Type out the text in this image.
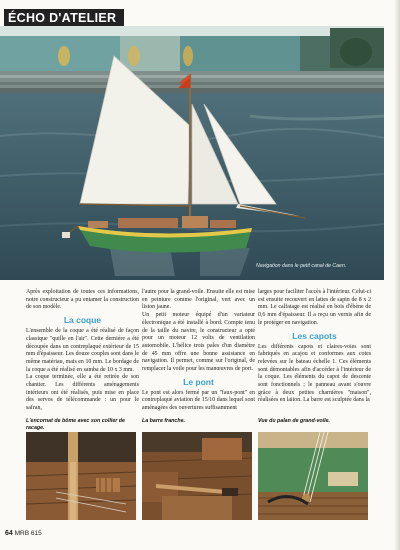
ÉCHO D'ATELIER
Navigation dans le petit canal de Caen.

Après exploitation de toutes ces informations, notre constructeur a pu entamer la construction de son modèle.

La coque

L'ensemble de la coque a été réalisé de façon classique "quille en l'air". Cette dernière a été découpée dans un contreplaqué extérieur de 15 mm d'épaisseur. Les douze couples sont dans le même matériau, mais en 10 mm. Le bordage de la coque a été réalisé en samba de 10 x 3 mm.

La coque terminée, elle a été retirée de son chantier. Les différents aménagements intérieurs ont été réalisés, puis mise en place des servos de télécommande : un pour le safran,

l'autre pour la grand-voile. Ensuite elle est mise en peinture comme l'original, vert avec un liston jaune.

Un petit moteur équipé d'un variateur électronique a été installé à bord. Compte tenu de la taille du navire, le constructeur a opté pour un moteur 12 volts de ventilation automobile. L'hélice trois pales d'un diamètre de 45 mm offre une bonne assistance en navigation. Il permet, comme sur l'original, de remplacer la voile pour les manœuvres de port.

Le pont

Le pont est alors fermé par un "faux-pont" en contreplaqué aviation de 15/10 dans lequel sont aménagées des ouvertures suffisamment

larges pour faciliter l'accès à l'intérieur. Celui-ci est ensuite recouvert en lattes de sapin de 8 x 2 mm. Le calfatage est réalisé en bois d'ébène de 0,6 mm d'épaisseur. Il a reçu un vernis afin de le protéger en navigation.

Les capots

Les différents capots et claires-voies sont fabriqués en acajou et conformes aux cotes relevées sur le bateau échelle 1. Ces éléments sont démontables afin d'accéder à l'intérieur de la coque. Les éléments du capot de descente sont fonctionnels ; le panneau avant s'ouvre grâce à deux petites charnières "maison", réalisées en laiton. La barre est sculptée dans la

L'encornat de bôme avec son collier de racage.
La barre franche.	Vue du palan de grand-voile.
64 MRB 615
